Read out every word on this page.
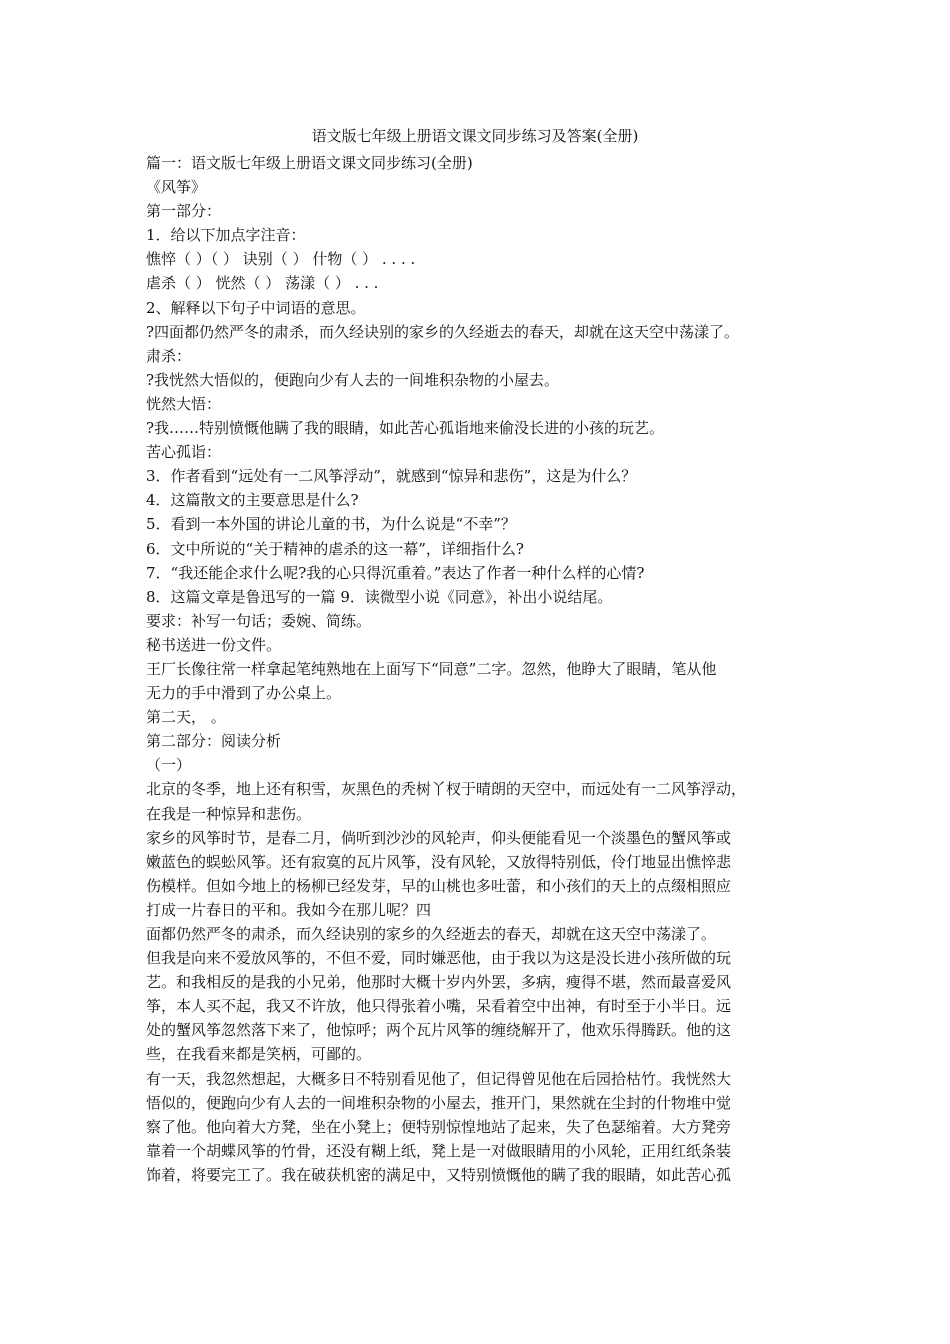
语文版七年级上册语文课文同步练习及答案(全册)
篇一：语文版七年级上册语文课文同步练习(全册)
《风筝》
第一部分：
1．给以下加点字注音：
憔悴（ ）（ ） 诀别（ ） 什物（ ） . . . .
虐杀（ ） 恍然（ ） 荡漾（ ） . . .
2、解释以下句子中词语的意思。
?四面都仍然严冬的肃杀，而久经诀别的家乡的久经逝去的春天，却就在这天空中荡漾了。
肃杀：
?我恍然大悟似的，便跑向少有人去的一间堆积杂物的小屋去。
恍然大悟：
?我……特别愤慨他瞒了我的眼睛，如此苦心孤诣地来偷没长进的小孩的玩艺。
苦心孤诣：
3．作者看到“远处有一二风筝浮动”，就感到“惊异和悲伤”，这是为什么？
4．这篇散文的主要意思是什么?
5．看到一本外国的讲论儿童的书，为什么说是“不幸”？
6．文中所说的“关于精神的虐杀的这一幕”，详细指什么?
7．“我还能企求什么呢?我的心只得沉重着。”表达了作者一种什么样的心情?
8．这篇文章是鲁迅写的一篇 9．读微型小说《同意》，补出小说结尾。
要求：补写一句话；委婉、简练。
秘书送进一份文件。
王厂长像往常一样拿起笔纯熟地在上面写下“同意”二字。忽然，他睁大了眼睛，笔从他
无力的手中滑到了办公桌上。
第二天， 。
第二部分：阅读分析
（一）
北京的冬季，地上还有积雪，灰黑色的秃树丫杈于晴朗的天空中，而远处有一二风筝浮动，
在我是一种惊异和悲伤。
家乡的风筝时节，是春二月，倘听到沙沙的风轮声，仰头便能看见一个淡墨色的蟹风筝或
嫩蓝色的蜈蚣风筝。还有寂寞的瓦片风筝，没有风轮，又放得特别低，伶仃地显出憔悴悲
伤模样。但如今地上的杨柳已经发芽，早的山桃也多吐蕾，和小孩们的天上的点缀相照应
打成一片春日的平和。我如今在那儿呢？四
面都仍然严冬的肃杀，而久经诀别的家乡的久经逝去的春天，却就在这天空中荡漾了。
但我是向来不爱放风筝的，不但不爱，同时嫌恶他，由于我以为这是没长进小孩所做的玩
艺。和我相反的是我的小兄弟，他那时大概十岁内外罢，多病，瘦得不堪，然而最喜爱风
筝，本人买不起，我又不许放，他只得张着小嘴，呆看着空中出神，有时至于小半日。远
处的蟹风筝忽然落下来了，他惊呼；两个瓦片风筝的缠绕解开了，他欢乐得腾跃。他的这
些，在我看来都是笑柄，可鄙的。
有一天，我忽然想起，大概多日不特别看见他了，但记得曾见他在后园拾枯竹。我恍然大
悟似的，便跑向少有人去的一间堆积杂物的小屋去，推开门，果然就在尘封的什物堆中觉
察了他。他向着大方凳，坐在小凳上；便特别惊惶地站了起来，失了色瑟缩着。大方凳旁
靠着一个胡蝶风筝的竹骨，还没有糊上纸，凳上是一对做眼睛用的小风轮，正用红纸条装
饰着，将要完工了。我在破获机密的满足中，又特别愤慨他的瞒了我的眼睛，如此苦心孤
